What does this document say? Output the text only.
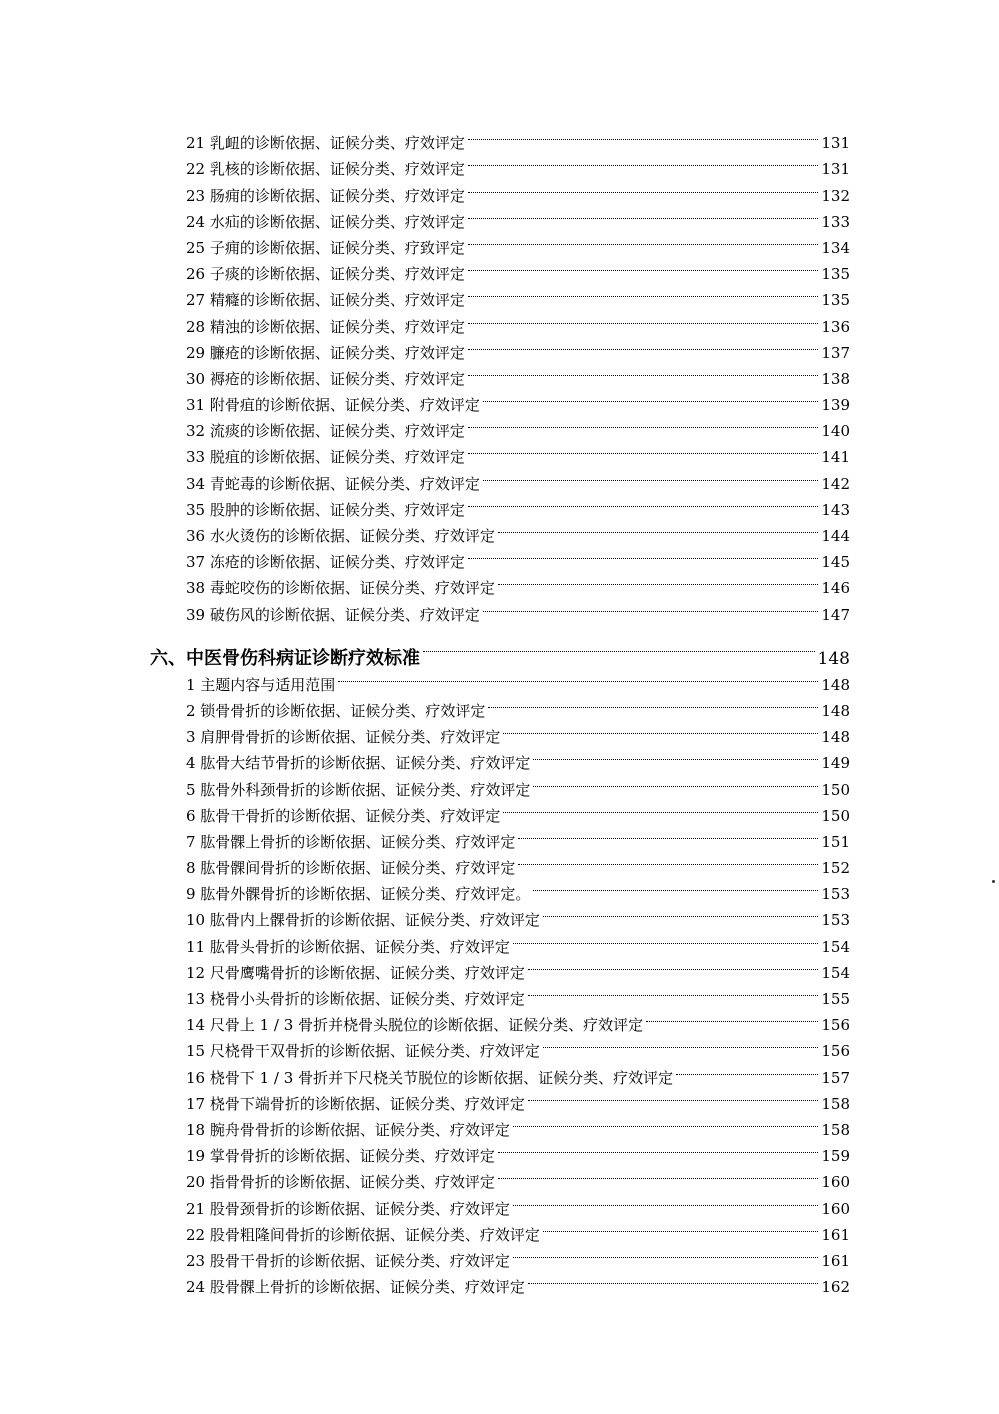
21 乳衄的诊断依据、证候分类、疗效评定	131
22 乳核的诊断依据、证候分类、疗效评定	131
23 肠痈的诊断依据、证候分类、疗效评定	132
24 水疝的诊断依据、证候分类、疗效评定	133
25 子痈的诊断依据、证候分类、疗致评定	134
26 子痰的诊断依据、证候分类、疗效评定	135
27 精癃的诊断依据、证候分类、疗效评定	135
28 精浊的诊断依据、证候分类、疗效评定	136
29 臁疮的诊断依据、证候分类、疗效评定	137
30 褥疮的诊断依据、证候分类、疗效评定	138
31 附骨疽的诊断依据、证候分类、疗效评定	139
32 流痰的诊断依据、证候分类、疗效评定	140
33 脱疽的诊断依据、证候分类、疗效评定	141
34 青蛇毒的诊断依据、证候分类、疗效评定	142
35 股肿的诊断依据、证候分类、疗效评定	143
36 水火烫伤的诊断依据、证候分类、疗效评定	144
37 冻疮的诊断依据、证候分类、疗效评定	145
38 毒蛇咬伤的诊断依据、证侯分类、疗效评定	146
39 破伤风的诊断依据、证候分类、疗效评定	147
六、中医骨伤科病证诊断疗效标准	148
1 主题内容与适用范围	148
2 锁骨骨折的诊断依据、证候分类、疗效评定	148
3 肩胛骨骨折的诊断依据、证候分类、疗效评定	148
4 肱骨大结节骨折的诊断依据、证候分类、疗效评定	149
5 肱骨外科颈骨折的诊断依据、证候分类、疗效评定	150
6 肱骨干骨折的诊断依据、证候分类、疗效评定	150
7 肱骨髁上骨折的诊断依据、证候分类、疗效评定	151
8 肱骨髁间骨折的诊断依据、证候分类、疗效评定	152
9 肱骨外髁骨折的诊断依据、证候分类、疗效评定。	153
10 肱骨内上髁骨折的诊断依据、证候分类、疗效评定	153
11 肱骨头骨折的诊断依据、证候分类、疗效评定	154
12 尺骨鹰嘴骨折的诊断依据、证候分类、疗效评定	154
13 桡骨小头骨折的诊断依据、证候分类、疗效评定	155
14 尺骨上 1 / 3 骨折并桡骨头脱位的诊断依据、证候分类、疗效评定	156
15 尺桡骨干双骨折的诊断依据、证候分类、疗效评定	156
16 桡骨下 1 / 3 骨折并下尺桡关节脱位的诊断依据、证候分类、疗效评定	157
17 桡骨下端骨折的诊断依据、证候分类、疗效评定	158
18 腕舟骨骨折的诊断依据、证候分类、疗效评定	158
19 掌骨骨折的诊断依据、证候分类、疗效评定	159
20 指骨骨折的诊断依据、证候分类、疗效评定	160
21 股骨颈骨折的诊断依据、证候分类、疗效评定	160
22 股骨粗隆间骨折的诊断依据、证候分类、疗效评定	161
23 股骨干骨折的诊断依据、证候分类、疗效评定	161
24 股骨髁上骨折的诊断依据、证候分类、疗效评定	162
